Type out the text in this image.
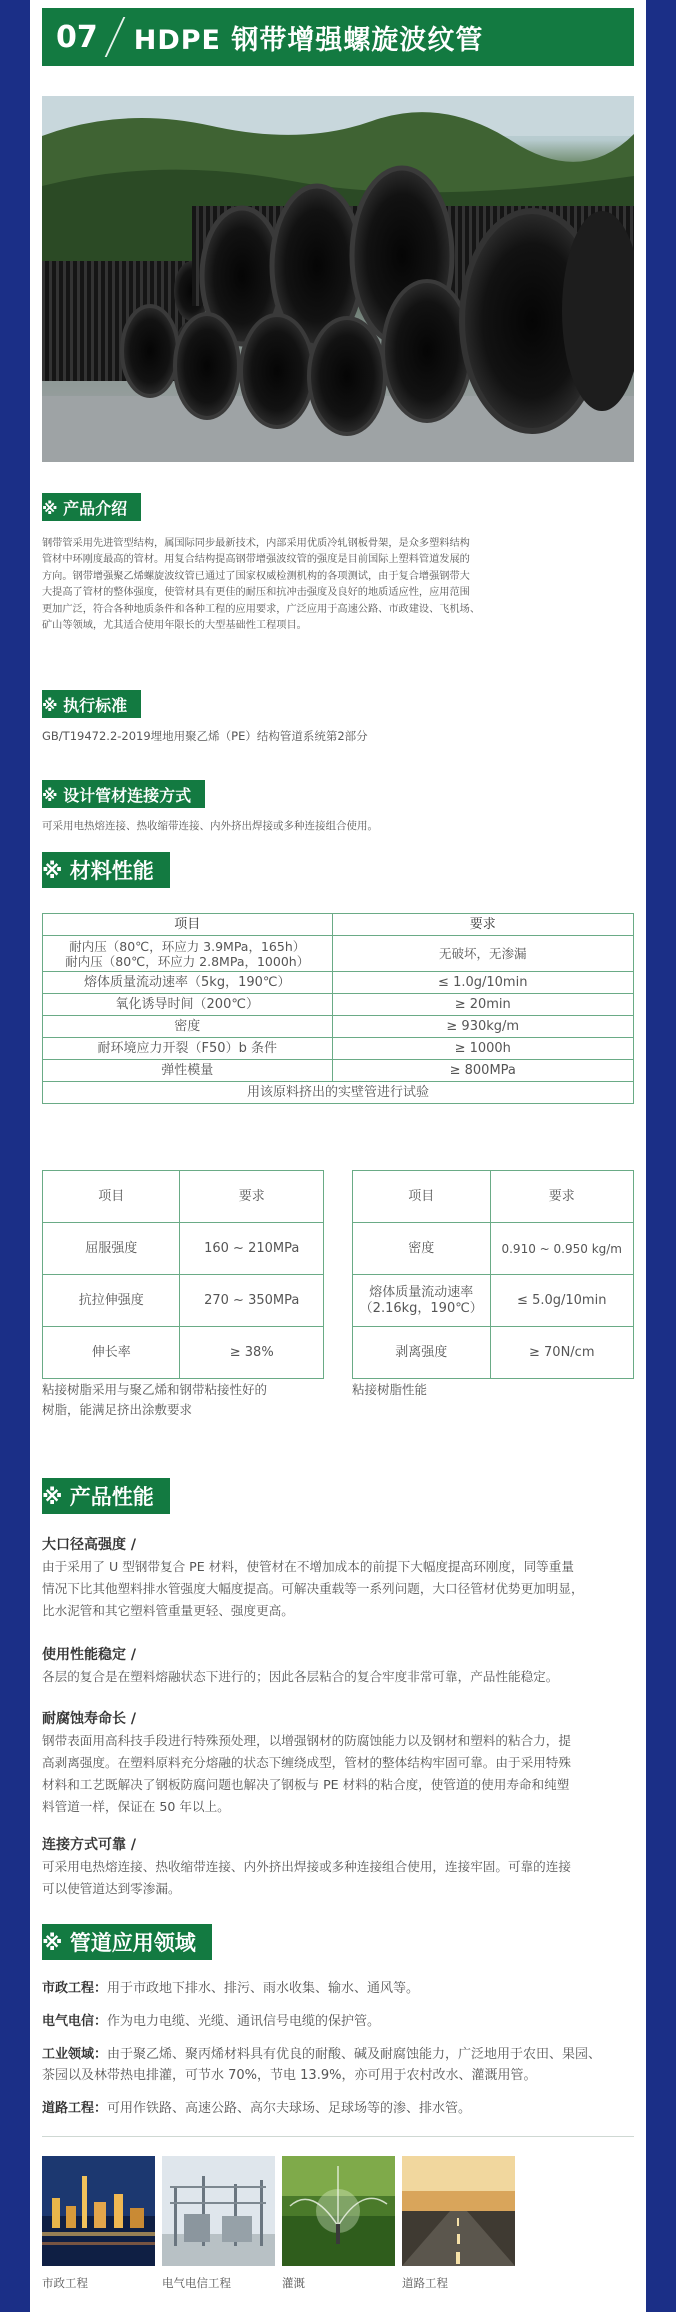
07 HDPE 钢带增强螺旋波纹管
※ 产品介绍
钢带管采用先进管型结构，属国际同步最新技术，内部采用优质冷轧钢板骨架，是众多塑料结构
管材中环刚度最高的管材。用复合结构提高钢带增强波纹管的强度是目前国际上塑料管道发展的
方向。钢带增强聚乙烯螺旋波纹管已通过了国家权威检测机构的各项测试，由于复合增强钢带大
大提高了管材的整体强度，使管材具有更佳的耐压和抗冲击强度及良好的地质适应性，应用范围
更加广泛，符合各种地质条件和各种工程的应用要求，广泛应用于高速公路、市政建设、飞机场、
矿山等领域，尤其适合使用年限长的大型基础性工程项目。
※ 执行标准
GB/T19472.2-2019埋地用聚乙烯（PE）结构管道系统第2部分
※ 设计管材连接方式
可采用电热熔连接、热收缩带连接、内外挤出焊接或多种连接组合使用。
※ 材料性能
项目	要求

耐内压（80℃，环应力 3.9MPa，165h）
耐内压（80℃，环应力 2.8MPa，1000h）	无破坏，无渗漏
熔体质量流动速率（5kg，190℃）	≤ 1.0g/10min
氧化诱导时间（200℃）	≥ 20min
密度	≥ 930kg/m
耐环境应力开裂（F50）b 条件	≥ 1000h
弹性模量	≥ 800MPa
用该原料挤出的实壁管进行试验	
项目	要求
屈服强度	160 ~ 210MPa
抗拉伸强度	270 ~ 350MPa
伸长率	≥ 38%
项目	要求
密度	0.910 ~ 0.950 kg/m

熔体质量流动速率
（2.16kg，190℃）	≤ 5.0g/10min
剥离强度	≥ 70N/cm
粘接树脂采用与聚乙烯和钢带粘接性好的
树脂，能满足挤出涂敷要求
粘接树脂性能
※ 产品性能
大口径高强度 /
由于采用了 U 型钢带复合 PE 材料，使管材在不增加成本的前提下大幅度提高环刚度，同等重量
情况下比其他塑料排水管强度大幅度提高。可解决重载等一系列问题，大口径管材优势更加明显，
比水泥管和其它塑料管重量更轻、强度更高。
使用性能稳定 /
各层的复合是在塑料熔融状态下进行的；因此各层粘合的复合牢度非常可靠，产品性能稳定。
耐腐蚀寿命长 /
钢带表面用高科技手段进行特殊预处理，以增强钢材的防腐蚀能力以及钢材和塑料的粘合力，提
高剥离强度。在塑料原料充分熔融的状态下缠绕成型，管材的整体结构牢固可靠。由于采用特殊
材料和工艺既解决了钢板防腐问题也解决了钢板与 PE 材料的粘合度，使管道的使用寿命和纯塑
料管道一样，保证在 50 年以上。
连接方式可靠 /
可采用电热熔连接、热收缩带连接、内外挤出焊接或多种连接组合使用，连接牢固。可靠的连接
可以使管道达到零渗漏。
※ 管道应用领域
市政工程：用于市政地下排水、排污、雨水收集、输水、通风等。
电气电信：作为电力电缆、光缆、通讯信号电缆的保护管。
工业领域：由于聚乙烯、聚丙烯材料具有优良的耐酸、碱及耐腐蚀能力，广泛地用于农田、果园、
茶园以及林带热电排灌，可节水 70%，节电 13.9%，亦可用于农村改水、灌溉用管。
道路工程：可用作铁路、高速公路、高尔夫球场、足球场等的渗、排水管。
市政工程	电气电信工程	灌溉	道路工程
